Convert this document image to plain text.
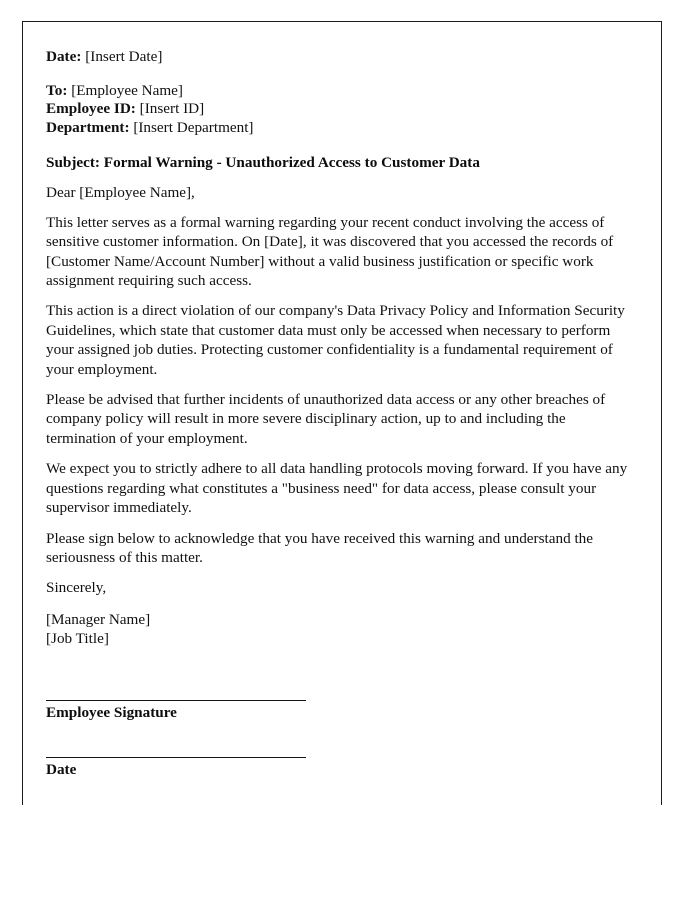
Date: [Insert Date]
To: [Employee Name]
Employee ID: [Insert ID]
Department: [Insert Department]
Subject: Formal Warning - Unauthorized Access to Customer Data
Dear [Employee Name],
This letter serves as a formal warning regarding your recent conduct involving the access of sensitive customer information. On [Date], it was discovered that you accessed the records of [Customer Name/Account Number] without a valid business justification or specific work assignment requiring such access.
This action is a direct violation of our company's Data Privacy Policy and Information Security Guidelines, which state that customer data must only be accessed when necessary to perform your assigned job duties. Protecting customer confidentiality is a fundamental requirement of your employment.
Please be advised that further incidents of unauthorized data access or any other breaches of company policy will result in more severe disciplinary action, up to and including the termination of your employment.
We expect you to strictly adhere to all data handling protocols moving forward. If you have any questions regarding what constitutes a "business need" for data access, please consult your supervisor immediately.
Please sign below to acknowledge that you have received this warning and understand the seriousness of this matter.
Sincerely,
[Manager Name]
[Job Title]
Employee Signature
Date
